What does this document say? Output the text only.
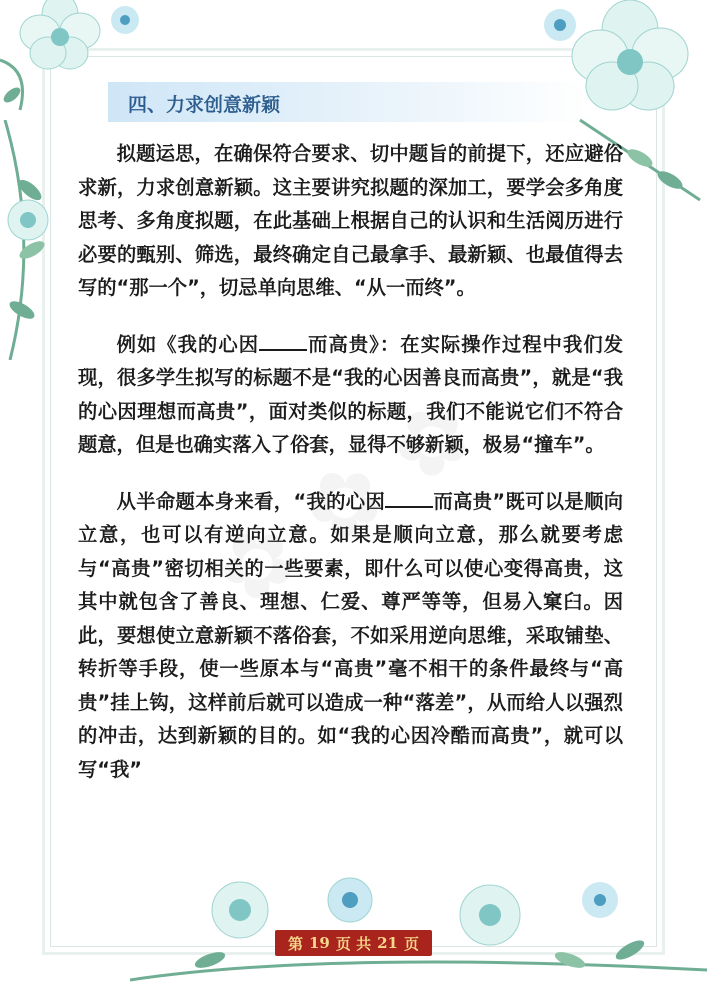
四、力求创意新颖

拟题运思，在确保符合要求、切中题旨的前提下，还应避俗求新，力求创意新颖。这主要讲究拟题的深加工，要学会多角度思考、多角度拟题，在此基础上根据自己的认识和生活阅历进行必要的甄别、筛选，最终确定自己最拿手、最新颖、也最值得去写的“那一个”，切忌单向思维、“从一而终”。

例如《我的心因 而高贵》：在实际操作过程中我们发现，很多学生拟写的标题不是“我的心因善良而高贵”，就是“我的心因理想而高贵”，面对类似的标题，我们不能说它们不符合题意，但是也确实落入了俗套，显得不够新颖，极易“撞车”。

从半命题本身来看，“我的心因 而高贵”既可以是顺向立意，也可以有逆向立意。如果是顺向立意，那么就要考虑与“高贵”密切相关的一些要素，即什么可以使心变得高贵，这其中就包含了善良、理想、仁爱、尊严等等，但易入窠臼。因此，要想使立意新颖不落俗套，不如采用逆向思维，采取铺垫、转折等手段，使一些原本与“高贵”毫不相干的条件最终与“高贵”挂上钩，这样前后就可以造成一种“落差”，从而给人以强烈的冲击，达到新颖的目的。如“我的心因冷酷而高贵”，就可以写“我”

第 19 页 共 21 页
